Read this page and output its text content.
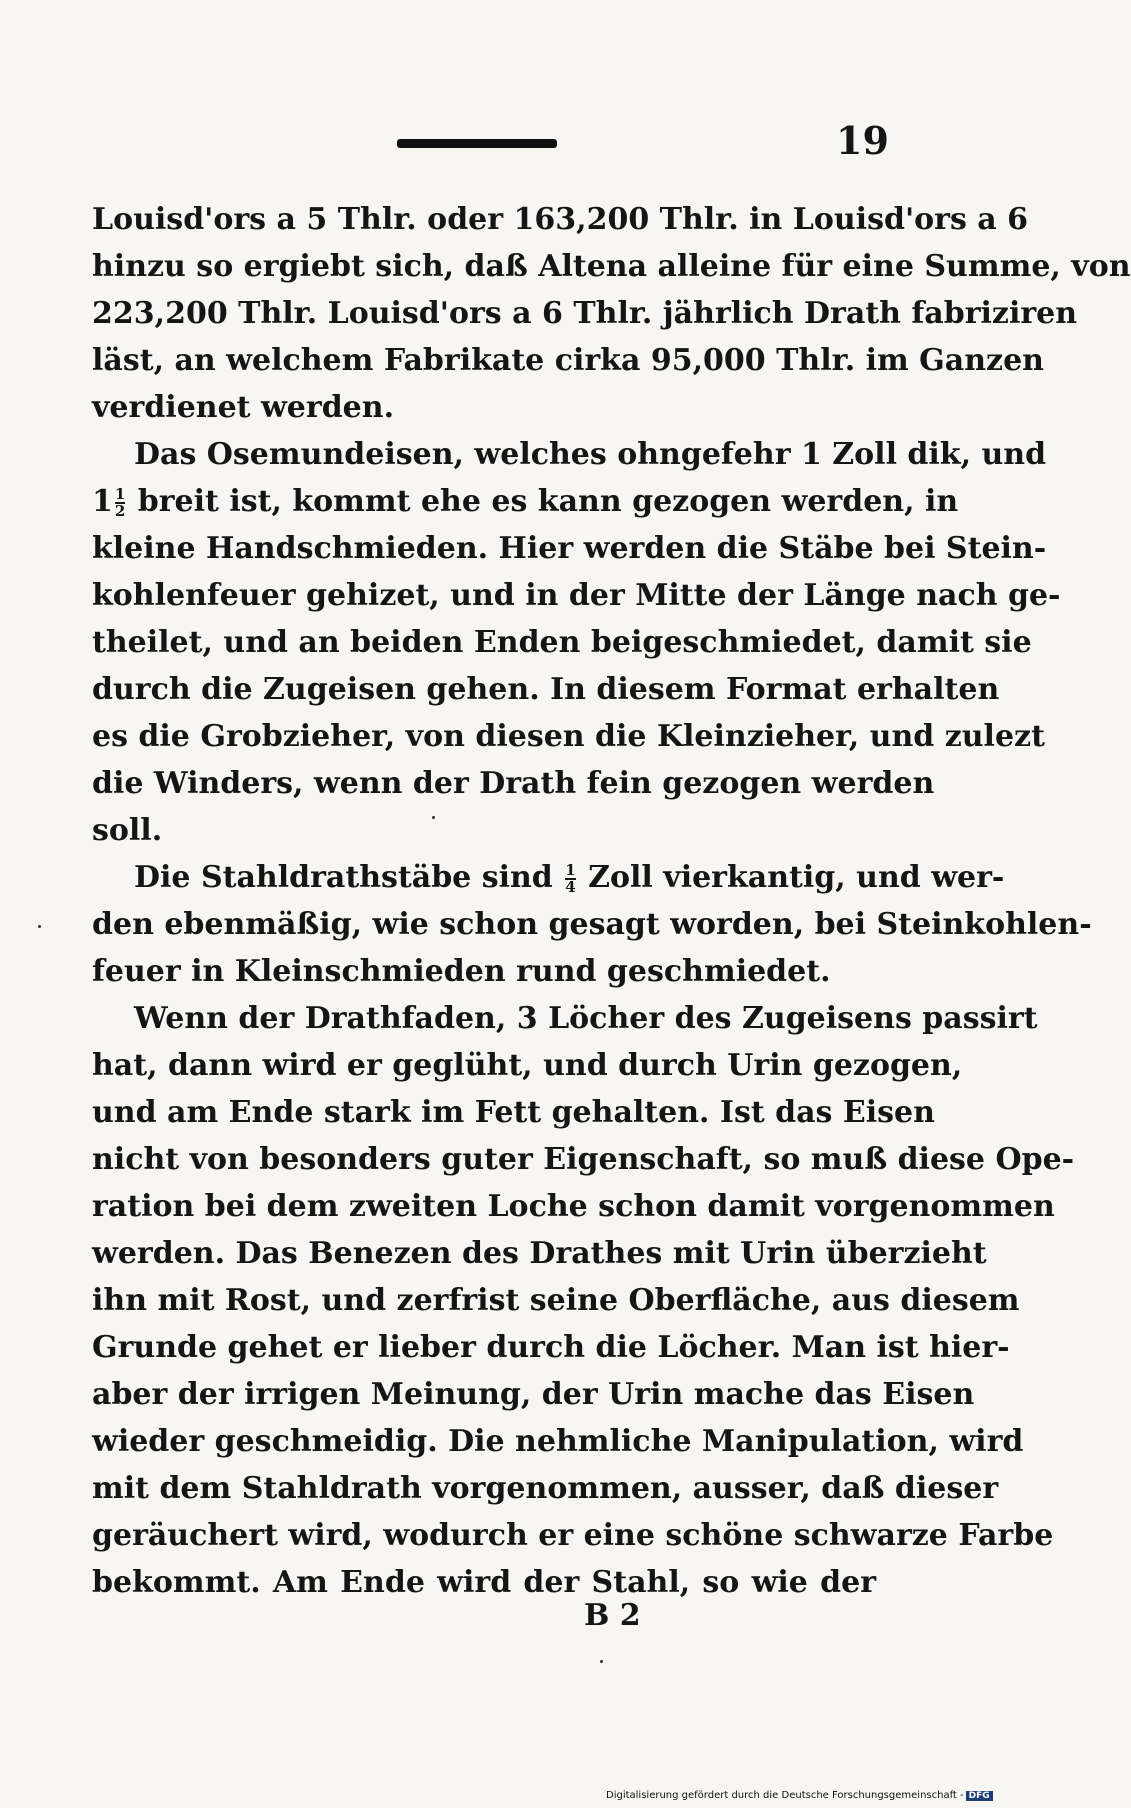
19
Louisd'ors a 5 Thlr. oder 163,200 Thlr. in Louisd'ors a 6
hinzu so ergiebt sich, daß Altena alleine für eine Summe, von
223,200 Thlr. Louisd'ors a 6 Thlr. jährlich Drath fabriziren
läst, an welchem Fabrikate cirka 95,000 Thlr. im Ganzen
verdienet werden.
Das Osemundeisen, welches ohngefehr 1 Zoll dik, und
$1 \frac{1}{2}$ breit ist, kommt ehe es kann gezogen werden, in
kleine Handschmieden. Hier werden die Stäbe bei Stein-
kohlenfeuer gehizet, und in der Mitte der Länge nach ge-
theilet, und an beiden Enden beigeschmiedet, damit sie
durch die Zugeisen gehen. In diesem Format erhalten
es die Grobzieher, von diesen die Kleinzieher, und zulezt
die Winders, wenn der Drath fein gezogen werden
soll.
Die Stahldrathstäbe sind $\frac{1}{4}$ Zoll vierkantig, und wer-
den ebenmäßig, wie schon gesagt worden, bei Steinkohlen-
feuer in Kleinschmieden rund geschmiedet.
Wenn der Drathfaden, 3 Löcher des Zugeisens passirt
hat, dann wird er geglüht, und durch Urin gezogen,
und am Ende stark im Fett gehalten. Ist das Eisen
nicht von besonders guter Eigenschaft, so muß diese Ope-
ration bei dem zweiten Loche schon damit vorgenommen
werden. Das Benezen des Drathes mit Urin überzieht
ihn mit Rost, und zerfrist seine Oberfläche, aus diesem
Grunde gehet er lieber durch die Löcher. Man ist hier-
aber der irrigen Meinung, der Urin mache das Eisen
wieder geschmeidig. Die nehmliche Manipulation, wird
mit dem Stahldrath vorgenommen, ausser, daß dieser
geräuchert wird, wodurch er eine schöne schwarze Farbe
bekommt. Am Ende wird der Stahl, so wie der
B 2
Digitalisierung gefördert durch die Deutsche Forschungsgemeinschaft - DFG
